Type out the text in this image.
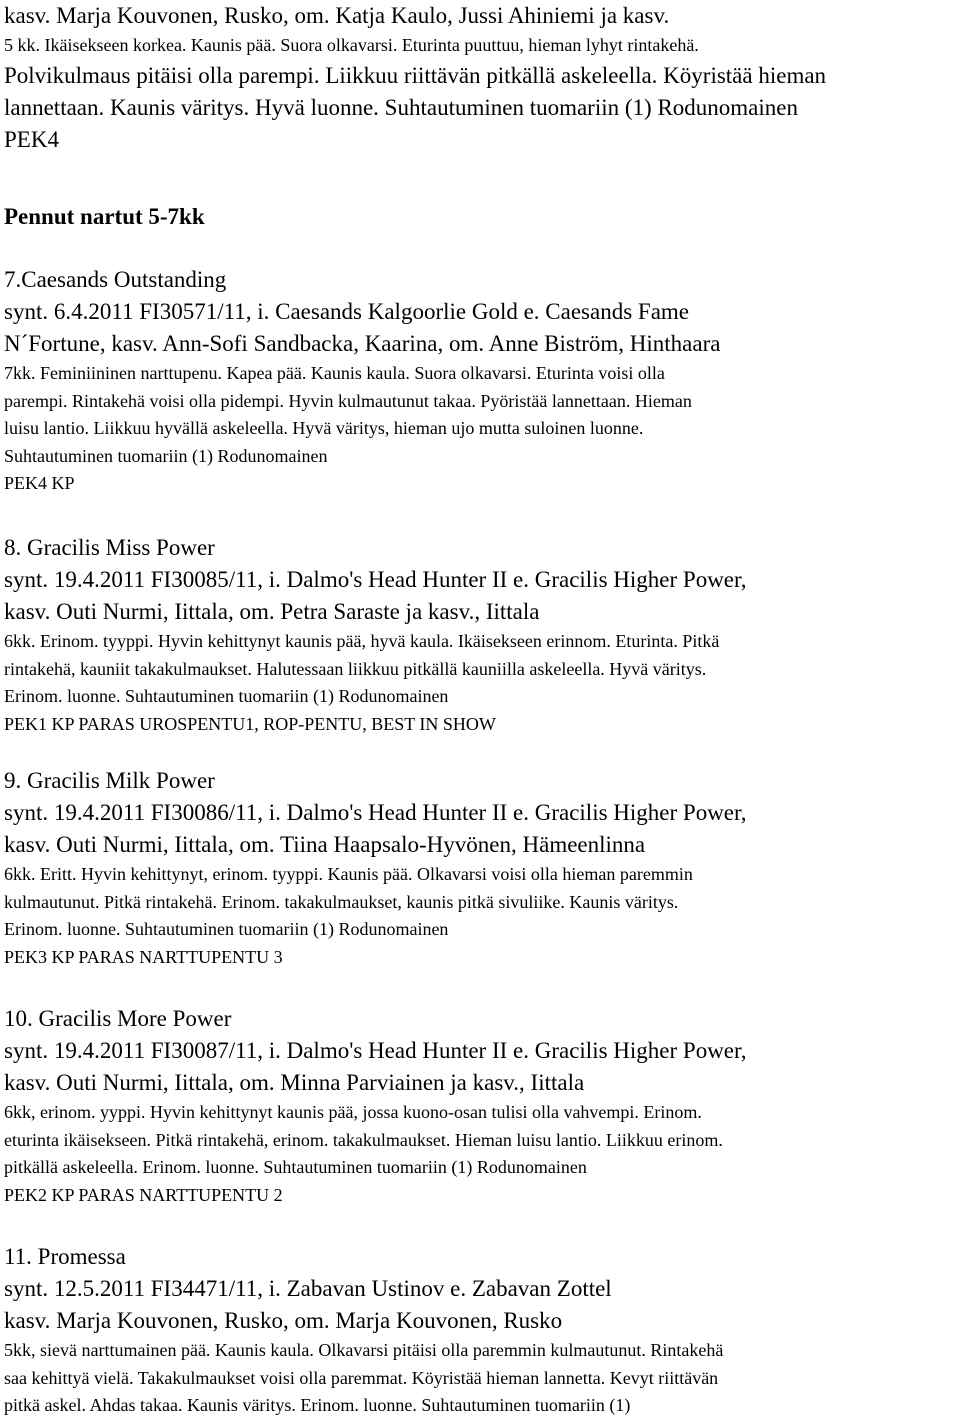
kasv. Marja Kouvonen, Rusko, om. Katja Kaulo, Jussi Ahiniemi ja kasv.

5 kk. Ikäisekseen korkea. Kaunis pää. Suora olkavarsi. Eturinta puuttuu, hieman lyhyt rintakehä.

Polvikulmaus pitäisi olla parempi. Liikkuu riittävän pitkällä askeleella. Köyristää hieman

lannettaan. Kaunis väritys. Hyvä luonne. Suhtautuminen tuomariin (1) Rodunomainen

PEK4

Pennut nartut 5-7kk

7.Caesands Outstanding

synt. 6.4.2011 FI30571/11, i. Caesands Kalgoorlie Gold e. Caesands Fame

N´Fortune, kasv. Ann-Sofi Sandbacka, Kaarina, om. Anne Biström, Hinthaara

7kk. Feminiininen narttupenu. Kapea pää. Kaunis kaula. Suora olkavarsi. Eturinta voisi olla

parempi. Rintakehä voisi olla pidempi. Hyvin kulmautunut takaa. Pyöristää lannettaan. Hieman

luisu lantio. Liikkuu hyvällä askeleella. Hyvä väritys, hieman ujo mutta suloinen luonne.

Suhtautuminen tuomariin (1) Rodunomainen

PEK4 KP

8. Gracilis Miss Power

synt. 19.4.2011 FI30085/11, i. Dalmo's Head Hunter II e. Gracilis Higher Power,

kasv. Outi Nurmi, Iittala, om. Petra Saraste ja kasv., Iittala

6kk. Erinom. tyyppi. Hyvin kehittynyt kaunis pää, hyvä kaula. Ikäisekseen erinnom. Eturinta. Pitkä

rintakehä, kauniit takakulmaukset. Halutessaan liikkuu pitkällä kauniilla askeleella. Hyvä väritys.

Erinom. luonne. Suhtautuminen tuomariin (1) Rodunomainen

PEK1 KP PARAS UROSPENTU1, ROP-PENTU, BEST IN SHOW

9. Gracilis Milk Power

synt. 19.4.2011 FI30086/11, i. Dalmo's Head Hunter II e. Gracilis Higher Power,

kasv. Outi Nurmi, Iittala, om. Tiina Haapsalo-Hyvönen, Hämeenlinna

6kk. Eritt. Hyvin kehittynyt, erinom. tyyppi. Kaunis pää. Olkavarsi voisi olla hieman paremmin

kulmautunut. Pitkä rintakehä. Erinom. takakulmaukset, kaunis pitkä sivuliike. Kaunis väritys.

Erinom. luonne. Suhtautuminen tuomariin (1) Rodunomainen

PEK3 KP PARAS NARTTUPENTU 3

10. Gracilis More Power

synt. 19.4.2011 FI30087/11, i. Dalmo's Head Hunter II e. Gracilis Higher Power,

kasv. Outi Nurmi, Iittala, om. Minna Parviainen ja kasv., Iittala

6kk, erinom. yyppi. Hyvin kehittynyt kaunis pää, jossa kuono-osan tulisi olla vahvempi. Erinom.

eturinta ikäisekseen. Pitkä rintakehä, erinom. takakulmaukset. Hieman luisu lantio. Liikkuu erinom.

pitkällä askeleella. Erinom. luonne. Suhtautuminen tuomariin (1) Rodunomainen

PEK2 KP PARAS NARTTUPENTU 2

11. Promessa

synt. 12.5.2011 FI34471/11, i. Zabavan Ustinov e. Zabavan Zottel

kasv. Marja Kouvonen, Rusko, om. Marja Kouvonen, Rusko

5kk, sievä narttumainen pää. Kaunis kaula. Olkavarsi pitäisi olla paremmin kulmautunut. Rintakehä

saa kehittyä vielä. Takakulmaukset voisi olla paremmat. Köyristää hieman lannetta. Kevyt riittävän

pitkä askel. Ahdas takaa. Kaunis väritys. Erinom. luonne. Suhtautuminen tuomariin (1)
